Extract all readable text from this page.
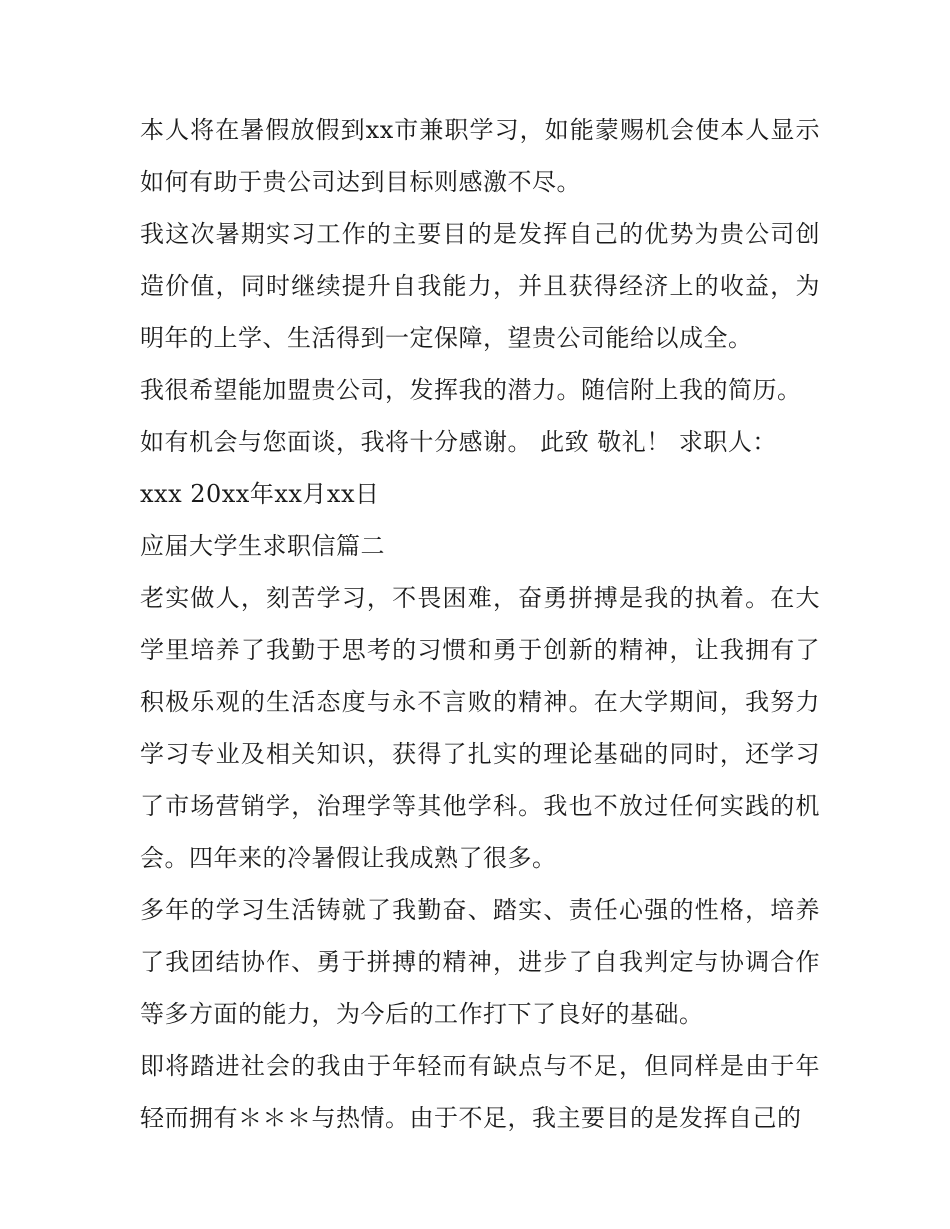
本人将在暑假放假到xx市兼职学习，如能蒙赐机会使本人显示如何有助于贵公司达到目标则感激不尽。

我这次暑期实习工作的主要目的是发挥自己的优势为贵公司创造价值，同时继续提升自我能力，并且获得经济上的收益，为明年的上学、生活得到一定保障，望贵公司能给以成全。

我很希望能加盟贵公司，发挥我的潜力。随信附上我的简历。

如有机会与您面谈，我将十分感谢。 此致 敬礼！ 求职人：

xxx 20xx年xx月xx日

应届大学生求职信篇二

老实做人，刻苦学习，不畏困难，奋勇拼搏是我的执着。在大学里培养了我勤于思考的习惯和勇于创新的精神，让我拥有了积极乐观的生活态度与永不言败的精神。在大学期间，我努力学习专业及相关知识，获得了扎实的理论基础的同时，还学习了市场营销学，治理学等其他学科。我也不放过任何实践的机会。四年来的冷暑假让我成熟了很多。

多年的学习生活铸就了我勤奋、踏实、责任心强的性格，培养了我团结协作、勇于拼搏的精神，进步了自我判定与协调合作等多方面的能力，为今后的工作打下了良好的基础。

即将踏进社会的我由于年轻而有缺点与不足，但同样是由于年轻而拥有＊＊＊与热情。由于不足，我主要目的是发挥自己的
